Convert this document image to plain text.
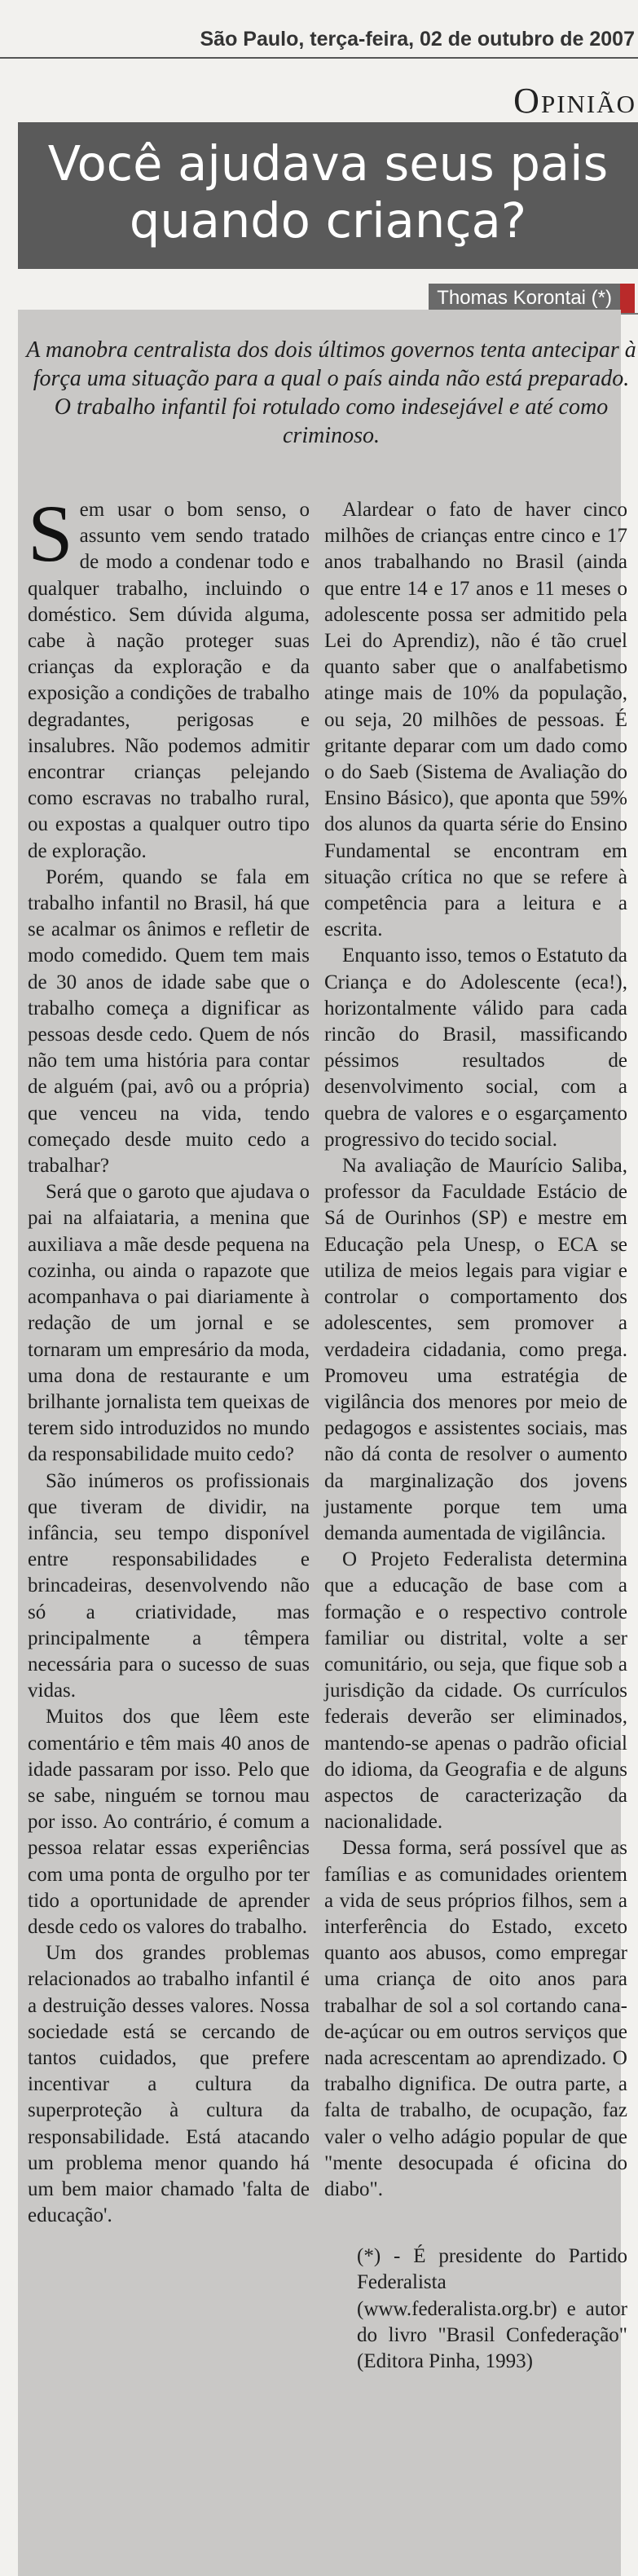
São Paulo, terça-feira, 02 de outubro de 2007
Opinião
Você ajudava seus pais quando criança?
Thomas Korontai (*)
A manobra centralista dos dois últimos governos tenta antecipar à força uma situação para a qual o país ainda não está preparado. O trabalho infantil foi rotulado como indesejável e até como criminoso.

Sem usar o bom senso, o assunto vem sendo tratado de modo a condenar todo e qualquer trabalho, incluindo o doméstico. Sem dúvida alguma, cabe à nação proteger suas crianças da exploração e da exposição a condições de trabalho degradantes, perigosas e insalubres. Não podemos admitir encontrar crianças pelejando como escravas no trabalho rural, ou expostas a qualquer outro tipo de exploração.

Porém, quando se fala em trabalho infantil no Brasil, há que se acalmar os ânimos e refletir de modo comedido. Quem tem mais de 30 anos de idade sabe que o trabalho começa a dignificar as pessoas desde cedo. Quem de nós não tem uma história para contar de alguém (pai, avô ou a própria) que venceu na vida, tendo começado desde muito cedo a trabalhar?

Será que o garoto que ajudava o pai na alfaiataria, a menina que auxiliava a mãe desde pequena na cozinha, ou ainda o rapazote que acompanhava o pai diariamente à redação de um jornal e se tornaram um empresário da moda, uma dona de restaurante e um brilhante jornalista tem queixas de terem sido introduzidos no mundo da responsabilidade muito cedo?

São inúmeros os profissionais que tiveram de dividir, na infância, seu tempo disponível entre responsabilidades e brincadeiras, desenvolvendo não só a criatividade, mas principalmente a têmpera necessária para o sucesso de suas vidas.

Muitos dos que lêem este comentário e têm mais 40 anos de idade passaram por isso. Pelo que se sabe, ninguém se tornou mau por isso. Ao contrário, é comum a pessoa relatar essas experiências com uma ponta de orgulho por ter tido a oportunidade de aprender desde cedo os valores do trabalho.

Um dos grandes problemas relacionados ao trabalho infantil é a destruição desses valores. Nossa sociedade está se cercando de tantos cuidados, que prefere incentivar a cultura da superproteção à cultura da responsabilidade. Está atacando um problema menor quando há um bem maior chamado 'falta de educação'.

Alardear o fato de haver cinco milhões de crianças entre cinco e 17 anos trabalhando no Brasil (ainda que entre 14 e 17 anos e 11 meses o adolescente possa ser admitido pela Lei do Aprendiz), não é tão cruel quanto saber que o analfabetismo atinge mais de 10% da população, ou seja, 20 milhões de pessoas. É gritante deparar com um dado como o do Saeb (Sistema de Avaliação do Ensino Básico), que aponta que 59% dos alunos da quarta série do Ensino Fundamental se encontram em situação crítica no que se refere à competência para a leitura e a escrita.

Enquanto isso, temos o Estatuto da Criança e do Adolescente (eca!), horizontalmente válido para cada rincão do Brasil, massificando péssimos resultados de desenvolvimento social, com a quebra de valores e o esgarçamento progressivo do tecido social.

Na avaliação de Maurício Saliba, professor da Faculdade Estácio de Sá de Ourinhos (SP) e mestre em Educação pela Unesp, o ECA se utiliza de meios legais para vigiar e controlar o comportamento dos adolescentes, sem promover a verdadeira cidadania, como prega. Promoveu uma estratégia de vigilância dos menores por meio de pedagogos e assistentes sociais, mas não dá conta de resolver o aumento da marginalização dos jovens justamente porque tem uma demanda aumentada de vigilância.

O Projeto Federalista determina que a educação de base com a formação e o respectivo controle familiar ou distrital, volte a ser comunitário, ou seja, que fique sob a jurisdição da cidade. Os currículos federais deverão ser eliminados, mantendo-se apenas o padrão oficial do idioma, da Geografia e de alguns aspectos de caracterização da nacionalidade.

Dessa forma, será possível que as famílias e as comunidades orientem a vida de seus próprios filhos, sem a interferência do Estado, exceto quanto aos abusos, como empregar uma criança de oito anos para trabalhar de sol a sol cortando cana-de-açúcar ou em outros serviços que nada acrescentam ao aprendizado. O trabalho dignifica. De outra parte, a falta de trabalho, de ocupação, faz valer o velho adágio popular de que "mente desocupada é oficina do diabo".

(*) - É presidente do Partido Federalista (www.federalista.org.br) e autor do livro "Brasil Confederação" (Editora Pinha, 1993)
